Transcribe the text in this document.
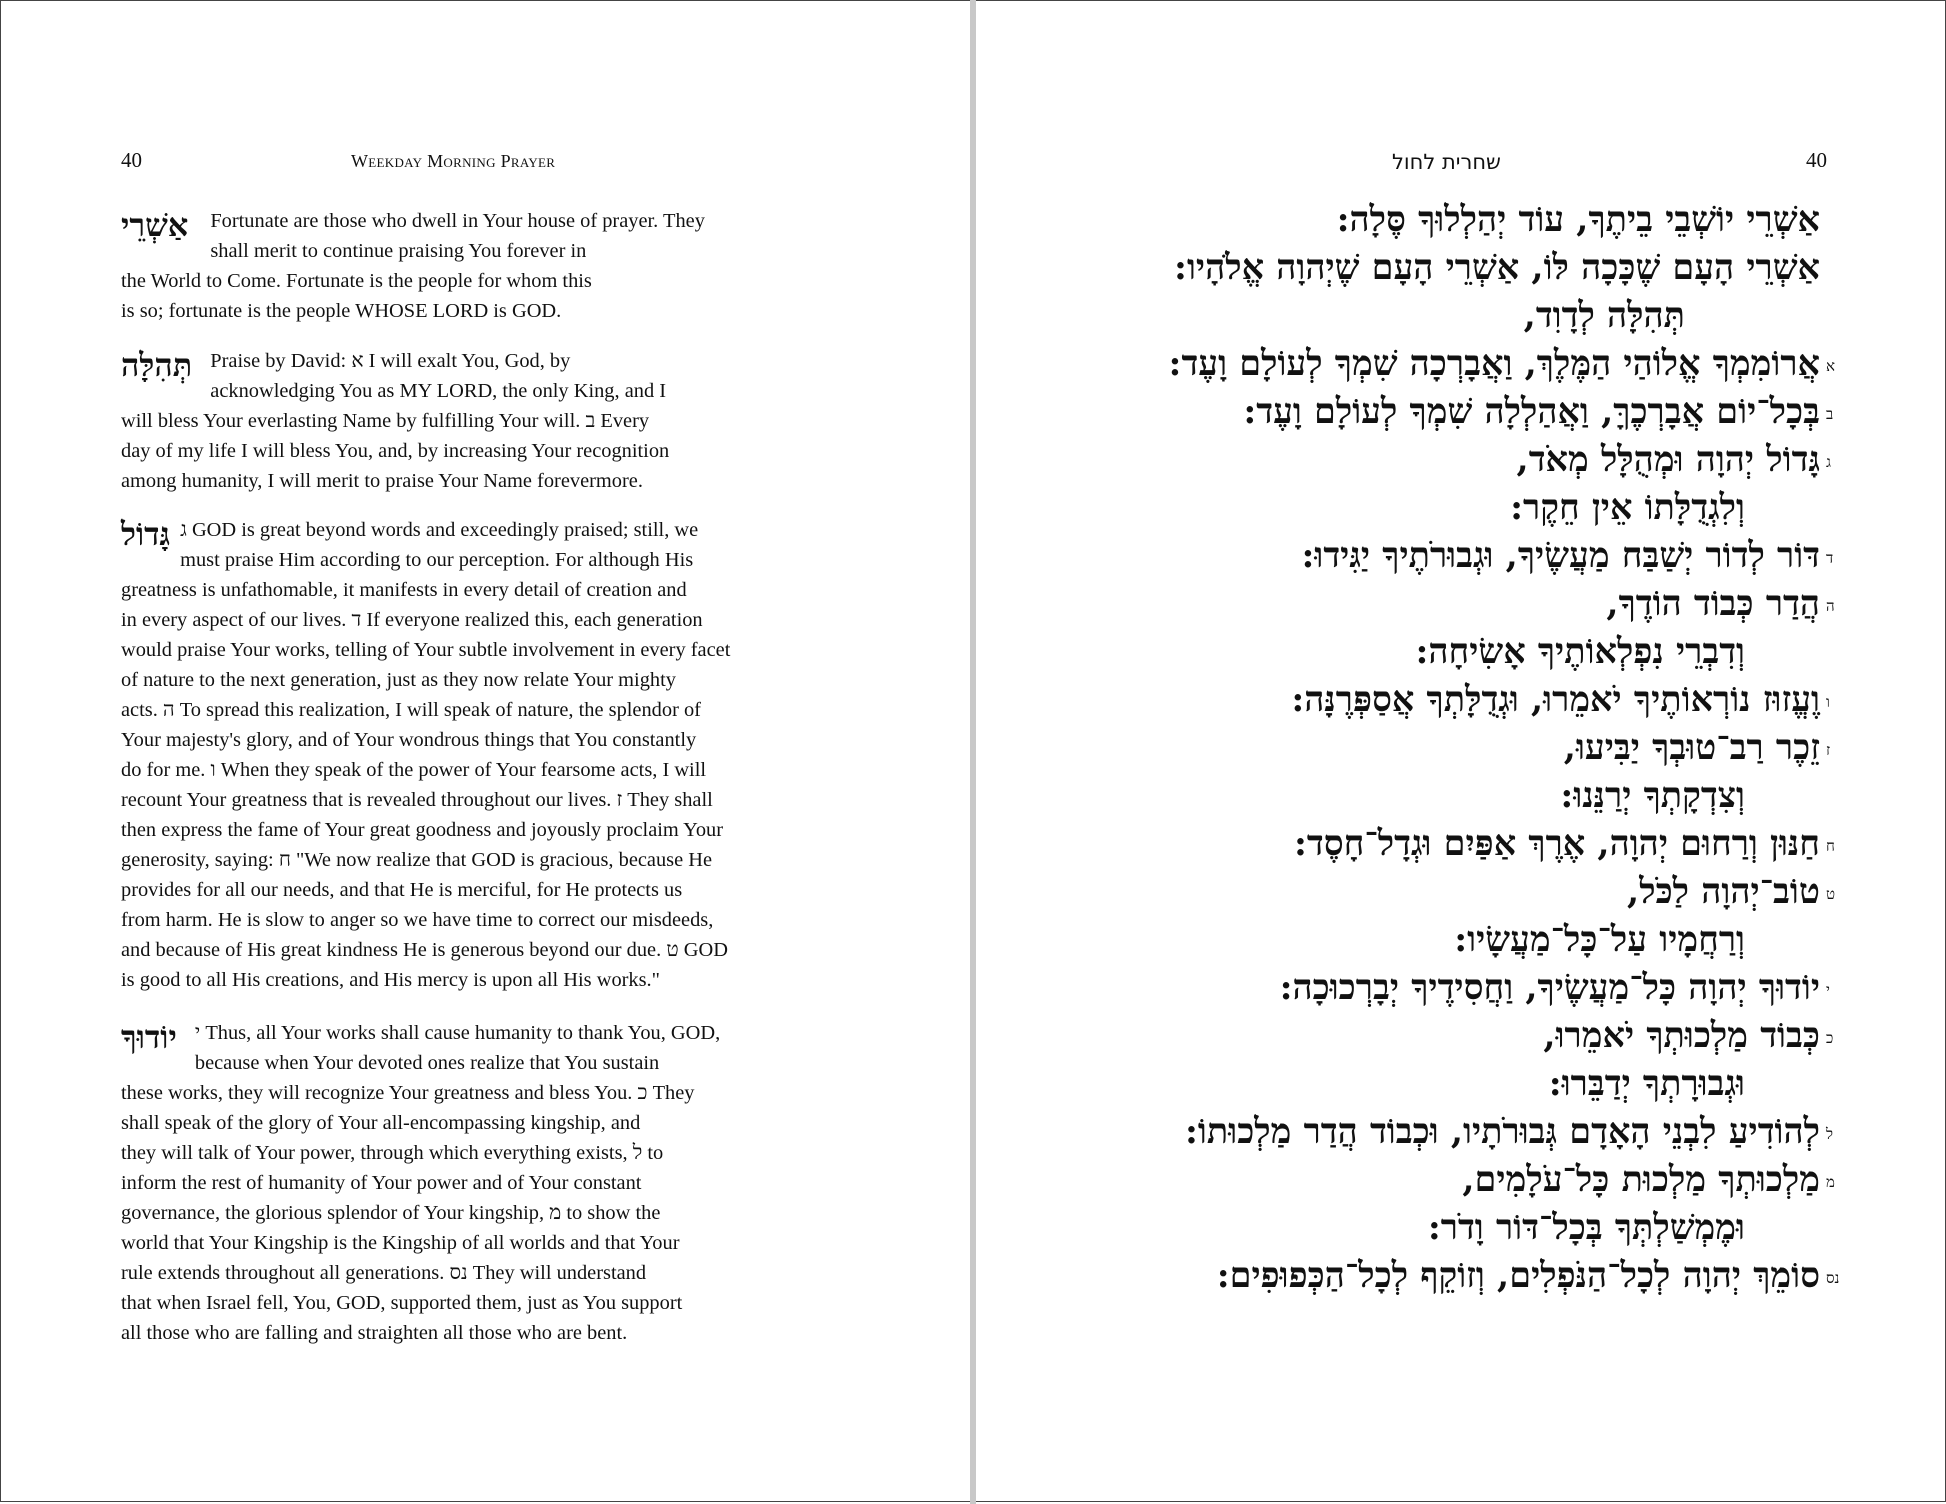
40	Weekday Morning Prayer
אַשְׁרֵי	Fortunate are those who dwell in Your house of prayer. They
shall merit to continue praising You forever in
the World to Come. Fortunate is the people for whom this
is so; fortunate is the people WHOSE LORD is GOD.
תְּהִלָּה Praise by David: א I will exalt You, God, by
acknowledging You as MY LORD, the only King, and I
will bless Your everlasting Name by fulfilling Your will. ב Every
day of my life I will bless You, and, by increasing Your recognition
among humanity, I will merit to praise Your Name forevermore.
גָּדוֹל ג GOD is great beyond words and exceedingly praised; still, we
must praise Him according to our perception. For although His
greatness is unfathomable, it manifests in every detail of creation and
in every aspect of our lives. ד If everyone realized this, each generation
would praise Your works, telling of Your subtle involvement in every facet
of nature to the next generation, just as they now relate Your mighty
acts. ה To spread this realization, I will speak of nature, the splendor of
Your majesty's glory, and of Your wondrous things that You constantly
do for me. ו When they speak of the power of Your fearsome acts, I will
recount Your greatness that is revealed throughout our lives. ז They shall
then express the fame of Your great goodness and joyously proclaim Your
generosity, saying: ח "We now realize that GOD is gracious, because He
provides for all our needs, and that He is merciful, for He protects us
from harm. He is slow to anger so we have time to correct our misdeeds,
and because of His great kindness He is generous beyond our due. ט GOD
is good to all His creations, and His mercy is upon all His works."
יוֹדוּךָ י Thus, all Your works shall cause humanity to thank You, GOD,
because when Your devoted ones realize that You sustain
these works, they will recognize Your greatness and bless You. כ They
shall speak of the glory of Your all-encompassing kingship, and
they will talk of Your power, through which everything exists, ל to
inform the rest of humanity of Your power and of Your constant
governance, the glorious splendor of Your kingship, מ to show the
world that Your Kingship is the Kingship of all worlds and that Your
rule extends throughout all generations. נס They will understand
that when Israel fell, You, GOD, supported them, just as You support
all those who are falling and straighten all those who are bent.
שחרית לחול	40
אַשְׁרֵי יוֹשְׁבֵי בֵיתֶךָ, עוֹד יְהַלְלוּךָ סֶּלָה:
אַשְׁרֵי הָעָם שֶׁכָּכָה לּוֹ, אַשְׁרֵי הָעָם שֶׁיְהוָה אֱלֹהָיו:
תְּהִלָּה לְדָוִד,
אֲרוֹמִמְךָ אֱלוֹהַי הַמֶּלֶךְ, וַאֲבָרְכָה שִׁמְךָ לְעוֹלָם וָעֶד: א
בְּכָל־יוֹם אֲבָרְכֶךָּ, וַאֲהַלְלָה שִׁמְךָ לְעוֹלָם וָעֶד: ב
גָּדוֹל יְהוָה וּמְהֻלָּל מְאֹד, ג
וְלִגְדֻלָּתוֹ אֵין חֵקֶר:
דּוֹר לְדוֹר יְשַׁבַּח מַעֲשֶׂיךָ, וּגְבוּרֹתֶיךָ יַגִּידוּ: ד
הֲדַר כְּבוֹד הוֹדֶךָ, ה
וְדִבְרֵי נִפְלְאוֹתֶיךָ אָשִׂיחָה:
וֶעֱזוּז נוֹרְאוֹתֶיךָ יֹאמֵרוּ, וּגְדֻלָּתְךָ אֲסַפְּרֶנָּה: ו
זֵכֶר רַב־טוּבְךָ יַבִּיעוּ, ז
וְצִדְקָתְךָ יְרַנֵּנוּ:
חַנּוּן וְרַחוּם יְהוָה, אֶרֶךְ אַפַּיִם וּגְדָל־חָסֶד: ח
טוֹב־יְהוָה לַכֹּל, ט
וְרַחֲמָיו עַל־כָּל־מַעֲשָׂיו:
יוֹדוּךָ יְהוָה כָּל־מַעֲשֶׂיךָ, וַחֲסִידֶיךָ יְבָרְכוּכָה: י
כְּבוֹד מַלְכוּתְךָ יֹאמֵרוּ, כ
וּגְבוּרָתְךָ יְדַבֵּרוּ:
לְהוֹדִיעַ לִבְנֵי הָאָדָם גְּבוּרֹתָיו, וּכְבוֹד הֲדַר מַלְכוּתוֹ: ל
מַלְכוּתְךָ מַלְכוּת כָּל־עֹלָמִים, מ
וּמֶמְשַׁלְתְּךָ בְּכָל־דּוֹר וָדֹר:
סוֹמֵךְ יְהוָה לְכָל־הַנֹּפְלִים, וְזוֹקֵף לְכָל־הַכְּפוּפִים: נס
